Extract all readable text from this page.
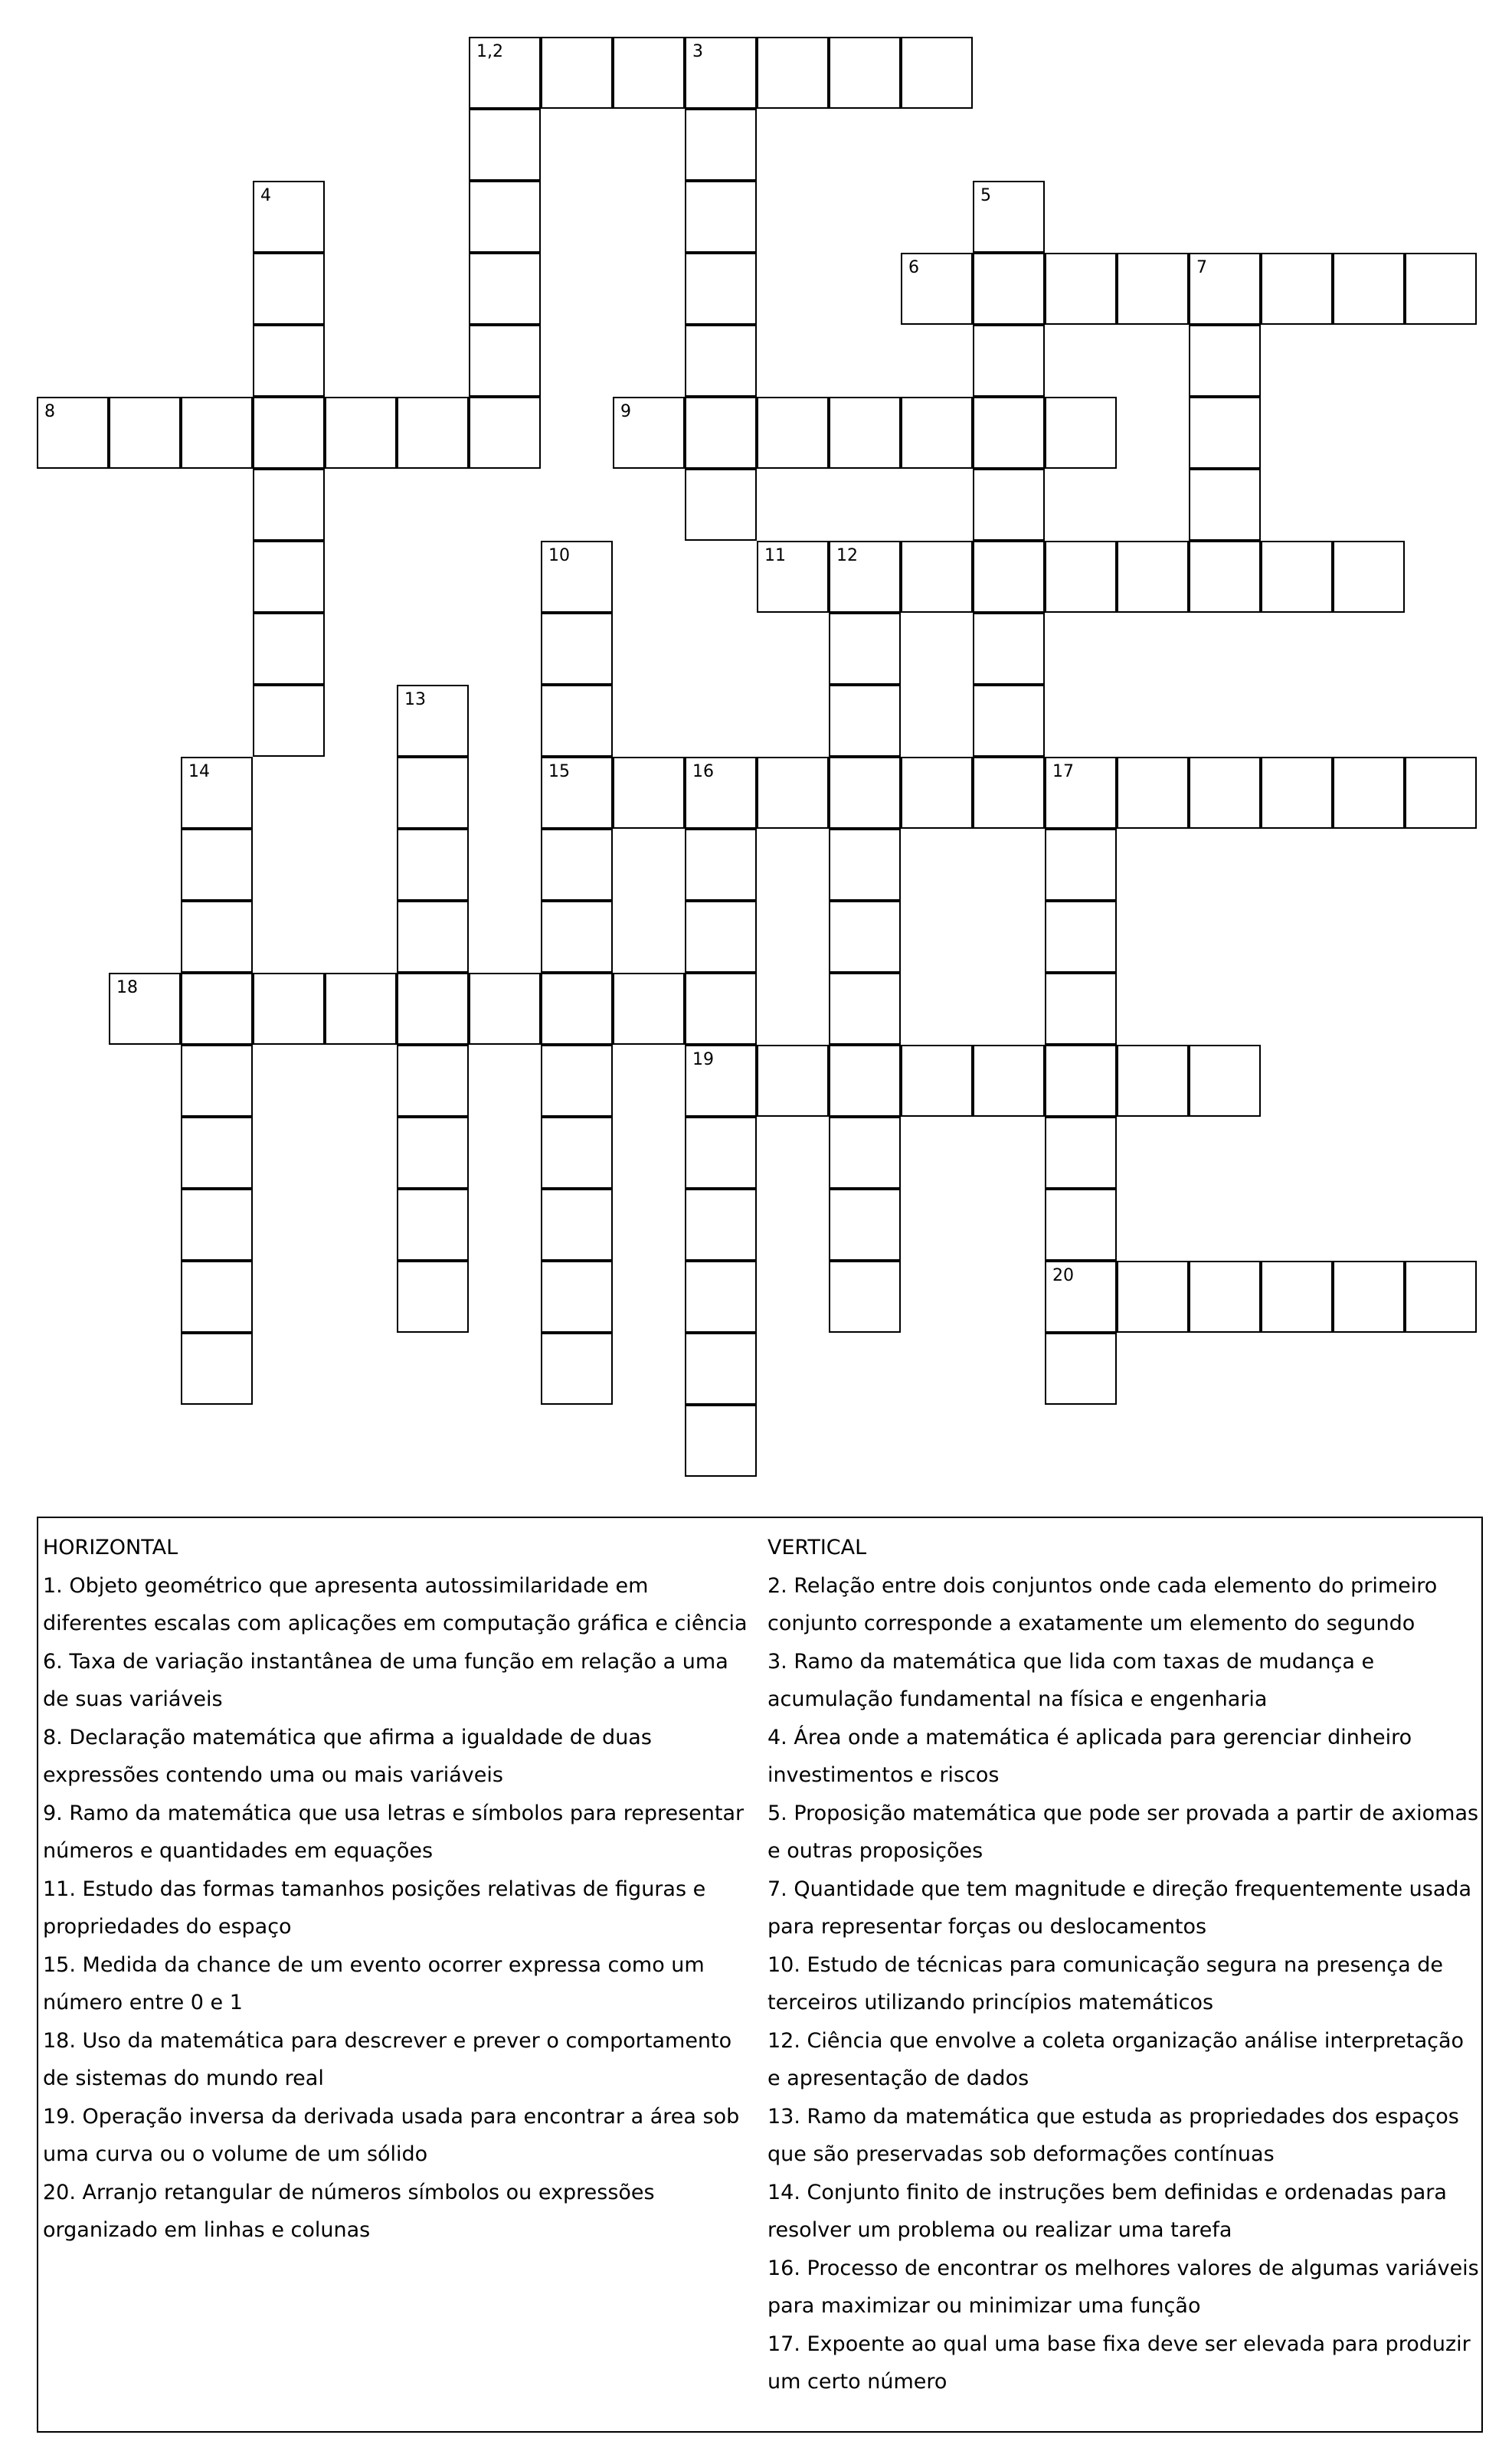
1,2	3
4	5
6	7
8	9
10	11	12
13
14	15	16	17
19
20
18
HORIZONTAL
1. Objeto geométrico que apresenta autossimilaridade em diferentes escalas com aplicações em computação gráfica e ciência
6. Taxa de variação instantânea de uma função em relação a uma de suas variáveis
8. Declaração matemática que afirma a igualdade de duas expressões contendo uma ou mais variáveis
9. Ramo da matemática que usa letras e símbolos para representar números e quantidades em equações
11. Estudo das formas tamanhos posições relativas de figuras e propriedades do espaço
15. Medida da chance de um evento ocorrer expressa como um número entre 0 e 1
18. Uso da matemática para descrever e prever o comportamento de sistemas do mundo real
19. Operação inversa da derivada usada para encontrar a área sob uma curva ou o volume de um sólido
20. Arranjo retangular de números símbolos ou expressões organizado em linhas e colunas
VERTICAL
2. Relação entre dois conjuntos onde cada elemento do primeiro conjunto corresponde a exatamente um elemento do segundo
3. Ramo da matemática que lida com taxas de mudança e acumulação fundamental na física e engenharia
4. Área onde a matemática é aplicada para gerenciar dinheiro investimentos e riscos
5. Proposição matemática que pode ser provada a partir de axiomas e outras proposições
7. Quantidade que tem magnitude e direção frequentemente usada para representar forças ou deslocamentos
10. Estudo de técnicas para comunicação segura na presença de terceiros utilizando princípios matemáticos
12. Ciência que envolve a coleta organização análise interpretação e apresentação de dados
13. Ramo da matemática que estuda as propriedades dos espaços que são preservadas sob deformações contínuas
14. Conjunto finito de instruções bem definidas e ordenadas para resolver um problema ou realizar uma tarefa
16. Processo de encontrar os melhores valores de algumas variáveis para maximizar ou minimizar uma função
17. Expoente ao qual uma base fixa deve ser elevada para produzir um certo número
